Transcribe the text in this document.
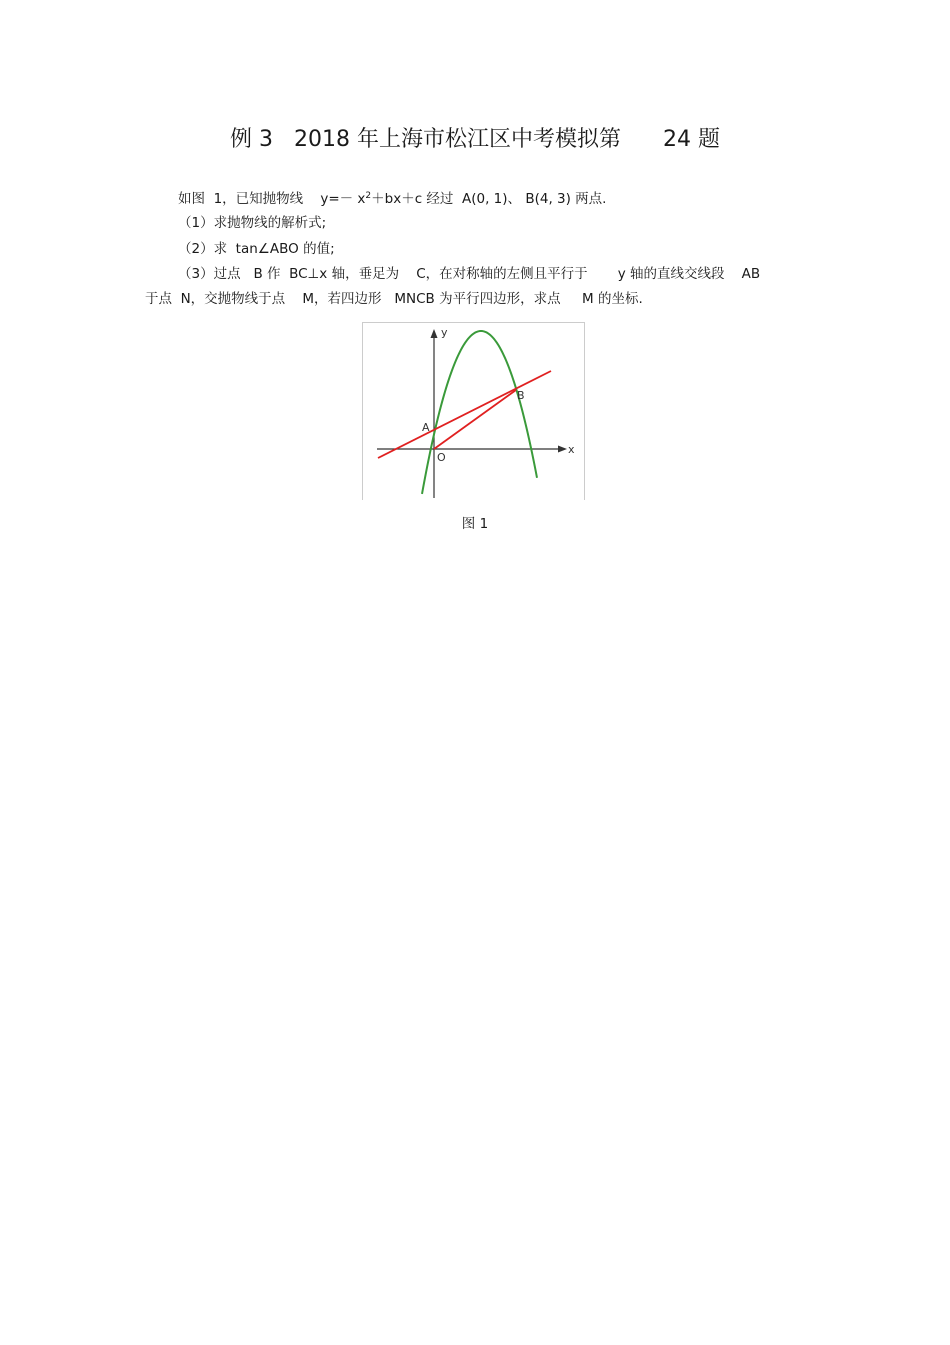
例 3   2018 年上海市松江区中考模拟第      24 题
如图  1，已知抛物线    $y=- x^2+bx+c$ 经过  A(0, 1)、 B(4, 3) 两点.
（1）求抛物线的解析式;
（2）求  tan∠ABO 的值;
（3）过点   B 作  BC⊥x 轴，垂足为    C，在对称轴的左侧且平行于       y 轴的直线交线段    AB
于点  N，交抛物线于点    M，若四边形   MNCB 为平行四边形，求点     M 的坐标.
y
x
A
B
O
图 1
